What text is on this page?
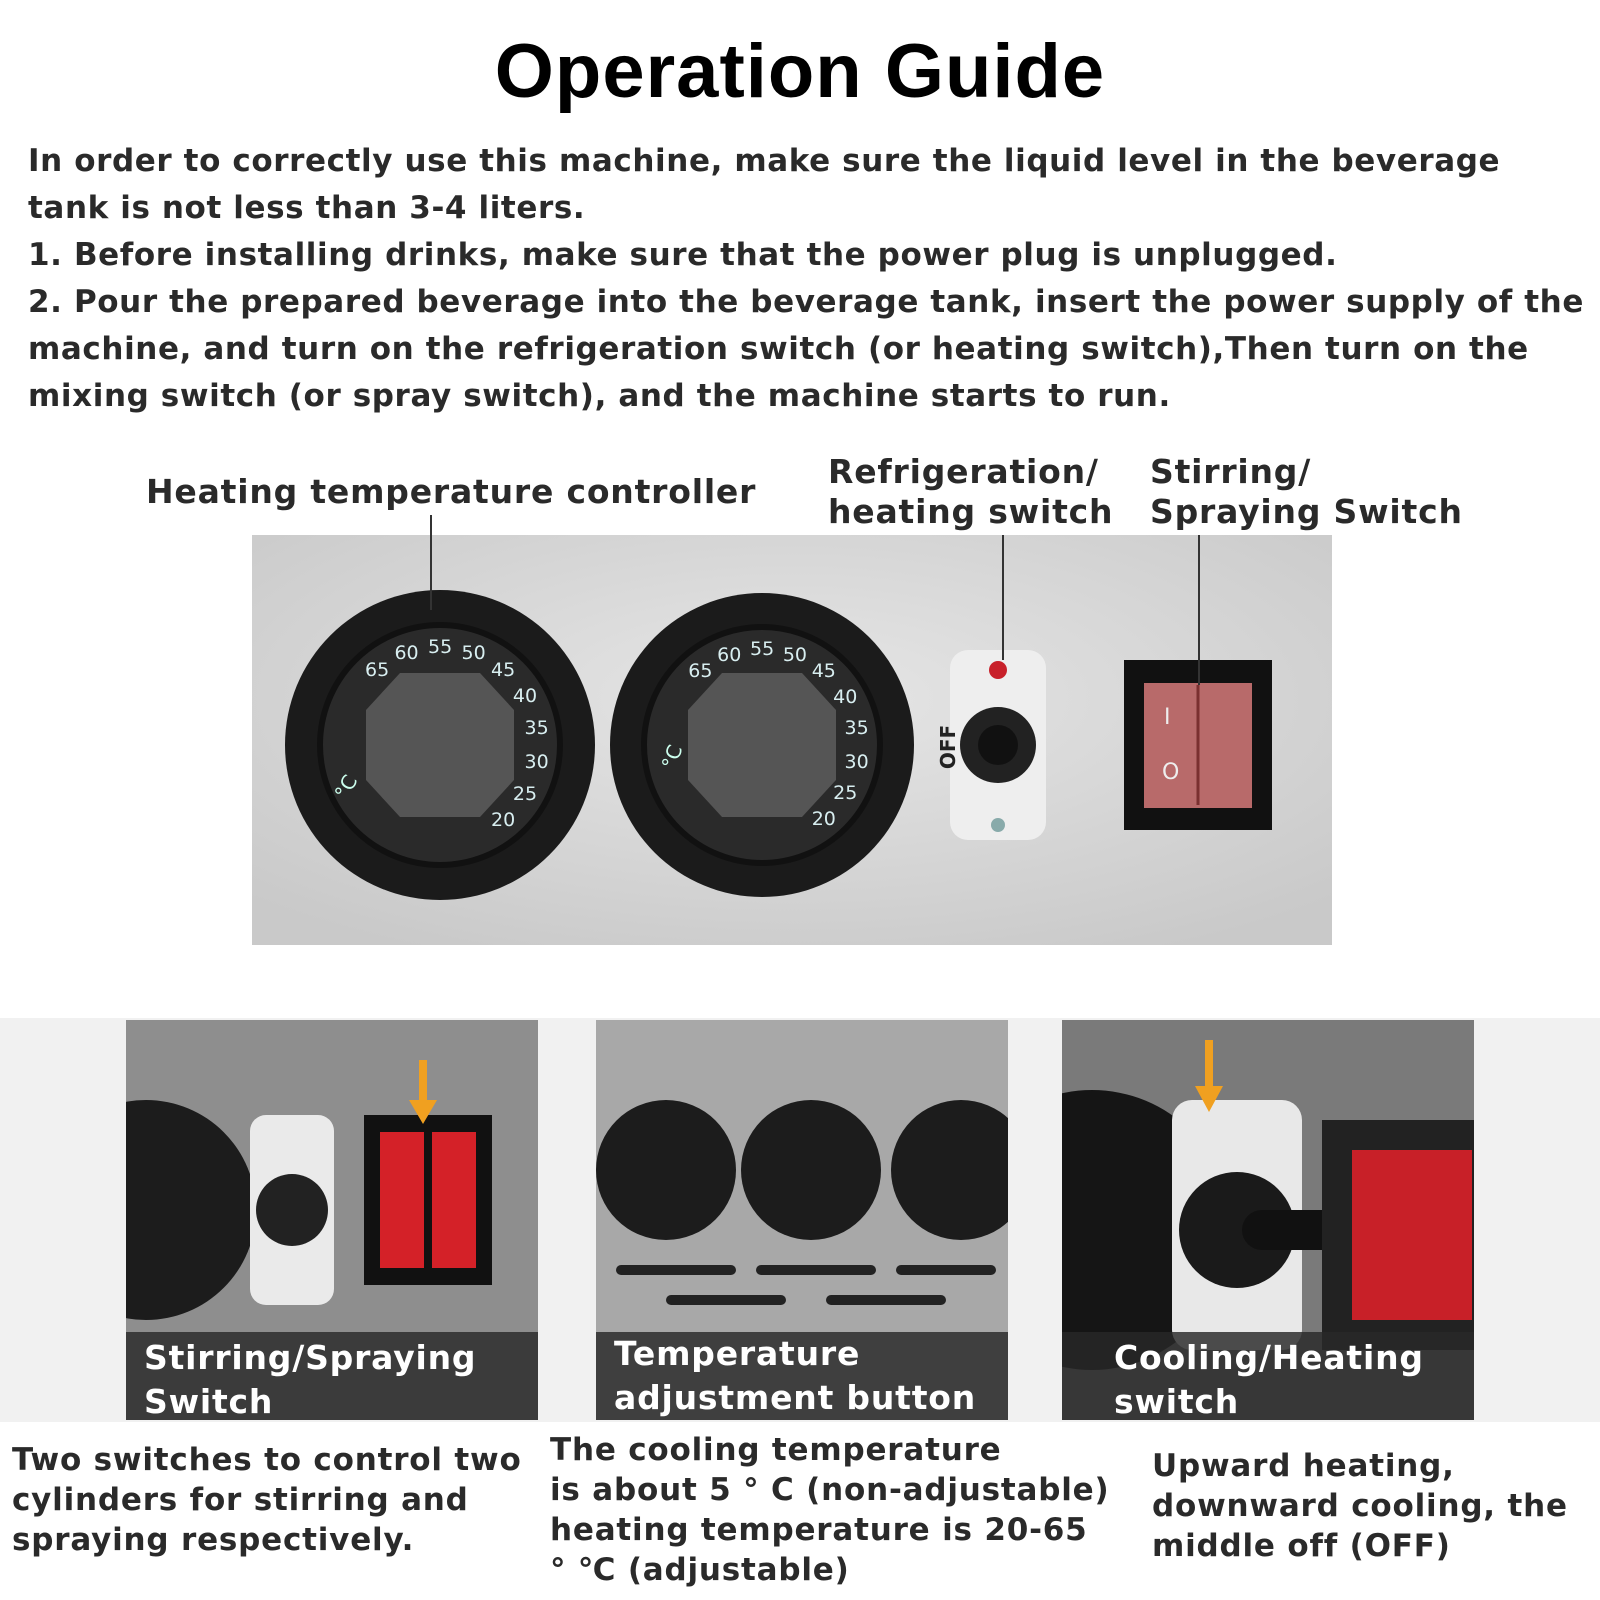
Operation Guide

In order to correctly use this machine, make sure the liquid level in the beverage tank is not less than 3-4 liters.

1. Before installing drinks, make sure that the power plug is unplugged.

2. Pour the prepared beverage into the beverage tank, insert the power supply of the machine, and turn on the refrigeration switch (or heating switch),Then turn on the mixing switch (or spray switch), and the machine starts to run.

Heating temperature controller
Refrigeration/
heating switch
Stirring/
Spraying Switch
65
60 55 50
45
40
35
30
25
20
65
60 55 50
45
40
35
30
25
20
°C
°C	OFF
I
O
Stirring/Spraying
Switch
Temperature
adjustment button
Cooling/Heating
switch
Two switches to control two
cylinders for stirring and
spraying respectively.
The cooling temperature
is about 5 ° C (non-adjustable)
heating temperature is 20-65
° ℃ (adjustable)
Upward heating,
downward cooling, the
middle off (OFF)
